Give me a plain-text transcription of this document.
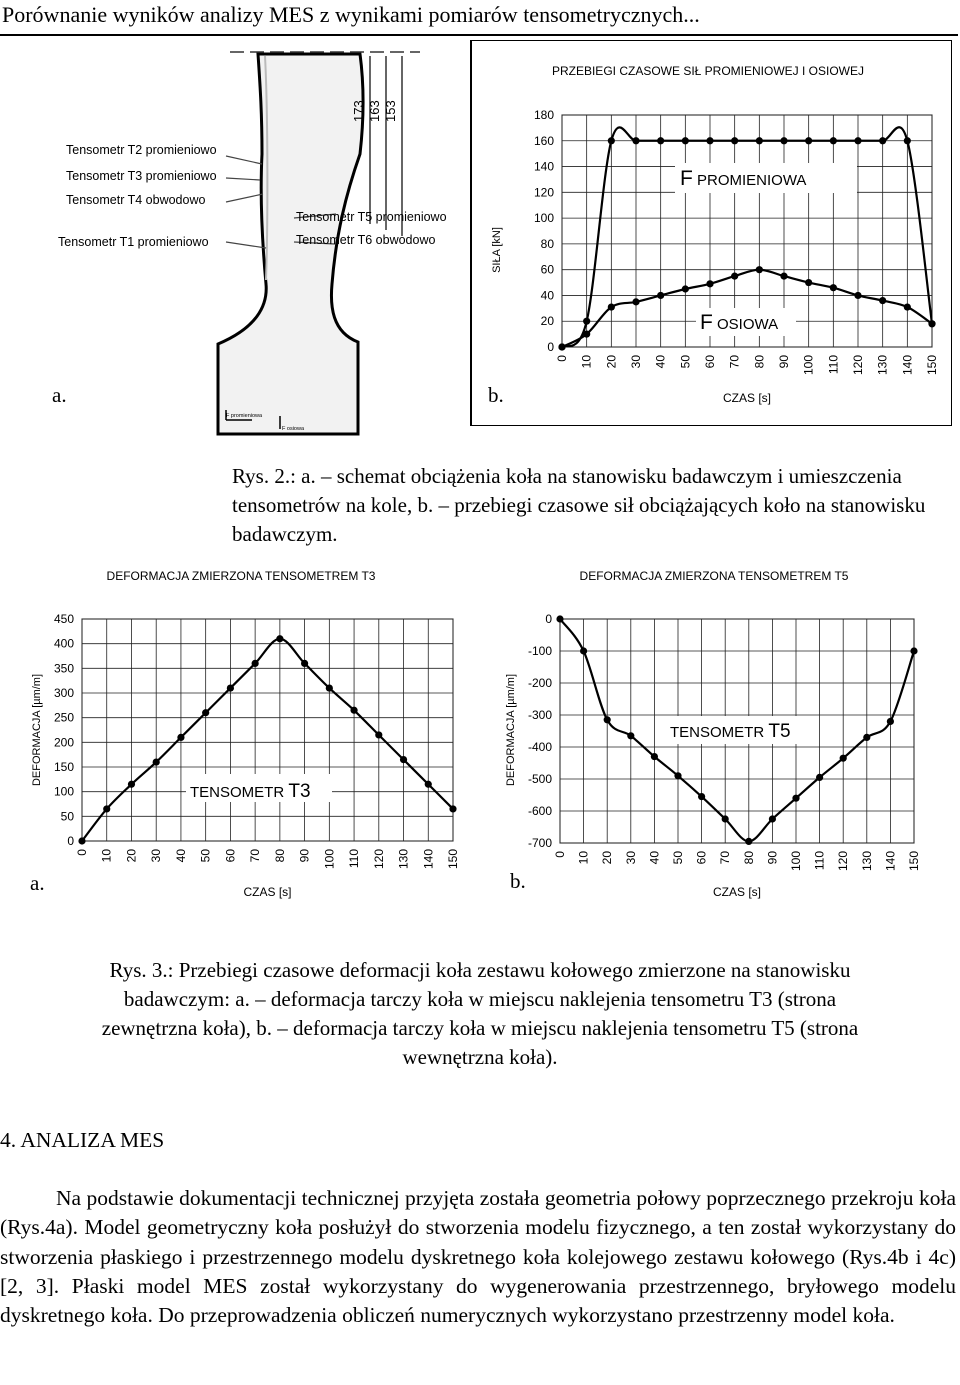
Porównanie wyników analizy MES z wynikami pomiarów tensometrycznych...
173 163 153
Tensometr T2 promieniowo
Tensometr T3 promieniowo
Tensometr T4 obwodowo
Tensometr T1 promieniowo
Tensometr T5 promieniowo
Tensometr T6 obwodowo
F promieniowa
F osiowa
PRZEBIEGI CZASOWE SIŁ PROMIENIOWEJ I OSIOWEJ
0
20
40
60
80
100
120
140
160
180
0 10 20 30 40 50 60 70 80 90 100 110 120 130 140 150
CZAS [s]
SIŁA [kN]
F PROMIENIOWA
F OSIOWA
DEFORMACJA ZMIERZONA TENSOMETREM T3
0
50
100
150
200
250
300
350
400
450
0 10 20 30 40 50 60 70 80 90 100 110 120 130 140 150
CZAS [s]
DEFORMACJA [µm/m]
TENSOMETR T3
a.
DEFORMACJA ZMIERZONA TENSOMETREM T5
0
-100
-200
-300
-400
-500
-600
-700
0 10 20 30 40 50 60 70 80 90 100 110 120 130 140 150
CZAS [s]
DEFORMACJA [µm/m]	TENSOMETR T5
b.
a.	b.
Rys. 2.: a. – schemat obciążenia koła na stanowisku badawczym i umieszczenia tensometrów na kole, b. – przebiegi czasowe sił obciążających koło na stanowisku badawczym.
Rys. 3.: Przebiegi czasowe deformacji koła zestawu kołowego zmierzone na stanowisku
badawczym: a. – deformacja tarczy koła w miejscu naklejenia tensometru T3 (strona
zewnętrzna koła), b. – deformacja tarczy koła w miejscu naklejenia tensometru T5 (strona
wewnętrzna koła).
4. ANALIZA MES
Na podstawie dokumentacji technicznej przyjęta została geometria połowy poprzecznego przekroju koła (Rys.4a). Model geometryczny koła posłużył do stworzenia modelu fizycznego, a ten został wykorzystany do stworzenia płaskiego i przestrzennego modelu dyskretnego koła kolejowego zestawu kołowego (Rys.4b i 4c) [2, 3]. Płaski model MES został wykorzystany do wygenerowania przestrzennego, bryłowego modelu dyskretnego koła. Do przeprowadzenia obliczeń numerycznych wykorzystano przestrzenny model koła.
